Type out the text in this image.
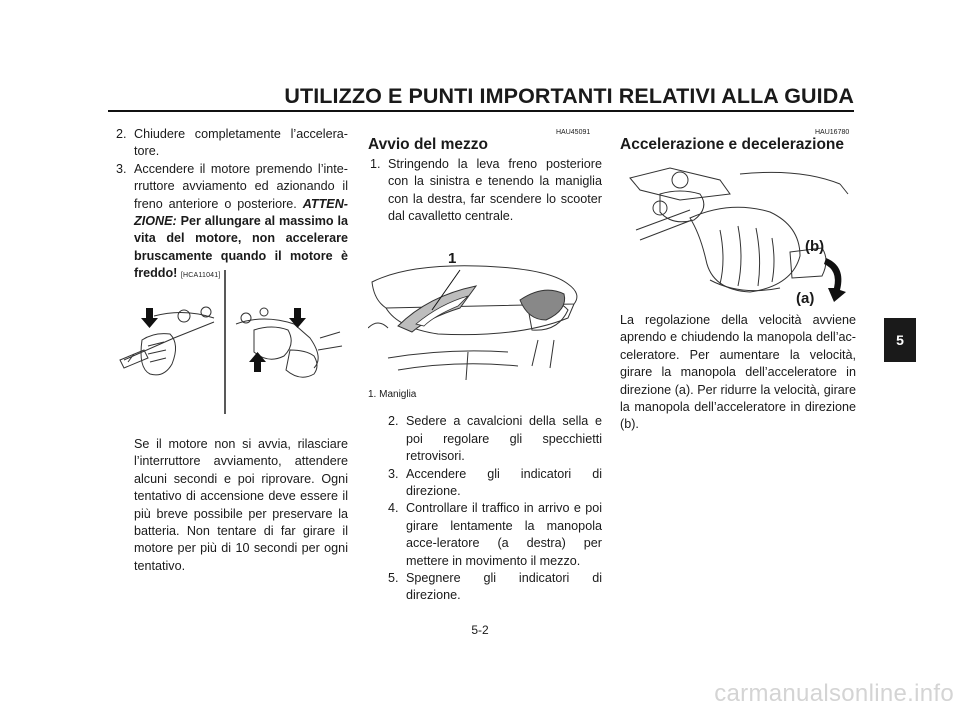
UTILIZZO E PUNTI IMPORTANTI RELATIVI ALLA GUIDA

2. Chiudere completamente l’accelera-tore.

3. Accendere il motore premendo l’inte-rruttore avviamento ed azionando il freno anteriore o posteriore. ATTEN-ZIONE: Per allungare al massimo la vita del motore, non accelerare bruscamente quando il motore è freddo! [HCA11041]

Se il motore non si avvia, rilasciare l’interruttore avviamento, attendere alcuni secondi e poi riprovare. Ogni tentativo di accensione deve essere il più breve possibile per preservare la batteria. Non tentare di far girare il motore per più di 10 secondi per ogni tentativo.

HAU45091

Avvio del mezzo

1. Stringendo la leva freno posteriore con la sinistra e tenendo la maniglia con la destra, far scendere lo scooter dal cavalletto centrale.

1

1. Maniglia

2. Sedere a cavalcioni della sella e poi regolare gli specchietti retrovisori.

3. Accendere gli indicatori di direzione.

4. Controllare il traffico in arrivo e poi girare lentamente la manopola acce-leratore (a destra) per mettere in movimento il mezzo.

5. Spegnere gli indicatori di direzione.

HAU16780

Accelerazione e decelerazione

(b)
(a)

La regolazione della velocità avviene aprendo e chiudendo la manopola dell’ac-celeratore. Per aumentare la velocità, girare la manopola dell’acceleratore in direzione (a). Per ridurre la velocità, girare la manopola dell’acceleratore in direzione (b).

5
5-2
carmanualsonline.info
